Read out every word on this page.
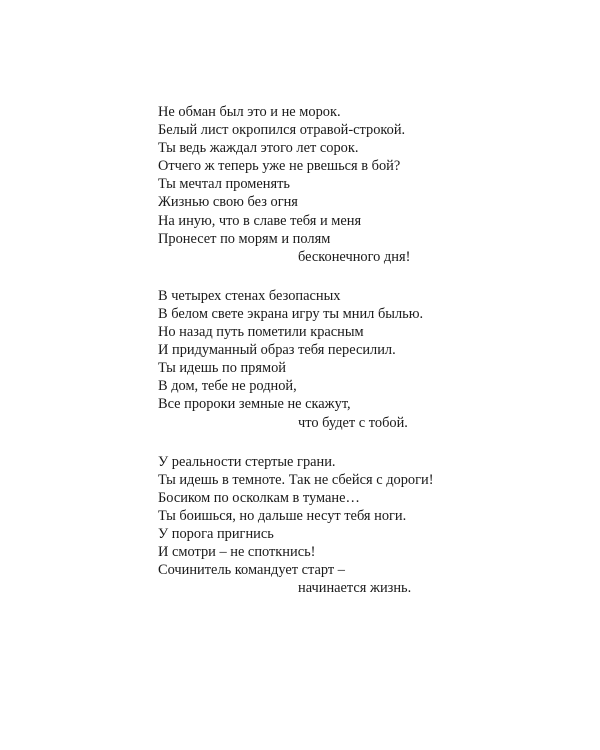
Не обман был это и не морок.
Белый лист окропился отравой-строкой.
Ты ведь жаждал этого лет сорок.
Отчего ж теперь уже не рвешься в бой?
Ты мечтал променять
Жизнью свою без огня
На иную, что в славе тебя и меня
Пронесет по морям и полям
бесконечного дня!
В четырех стенах безопасных
В белом свете экрана игру ты мнил былью.
Но назад путь пометили красным
И придуманный образ тебя пересилил.
Ты идешь по прямой
В дом, тебе не родной,
Все пророки земные не скажут,
что будет с тобой.
У реальности стертые грани.
Ты идешь в темноте. Так не сбейся с дороги!
Босиком по осколкам в тумане…
Ты боишься, но дальше несут тебя ноги.
У порога пригнись
И смотри – не споткнись!
Сочинитель командует старт –
начинается жизнь.
